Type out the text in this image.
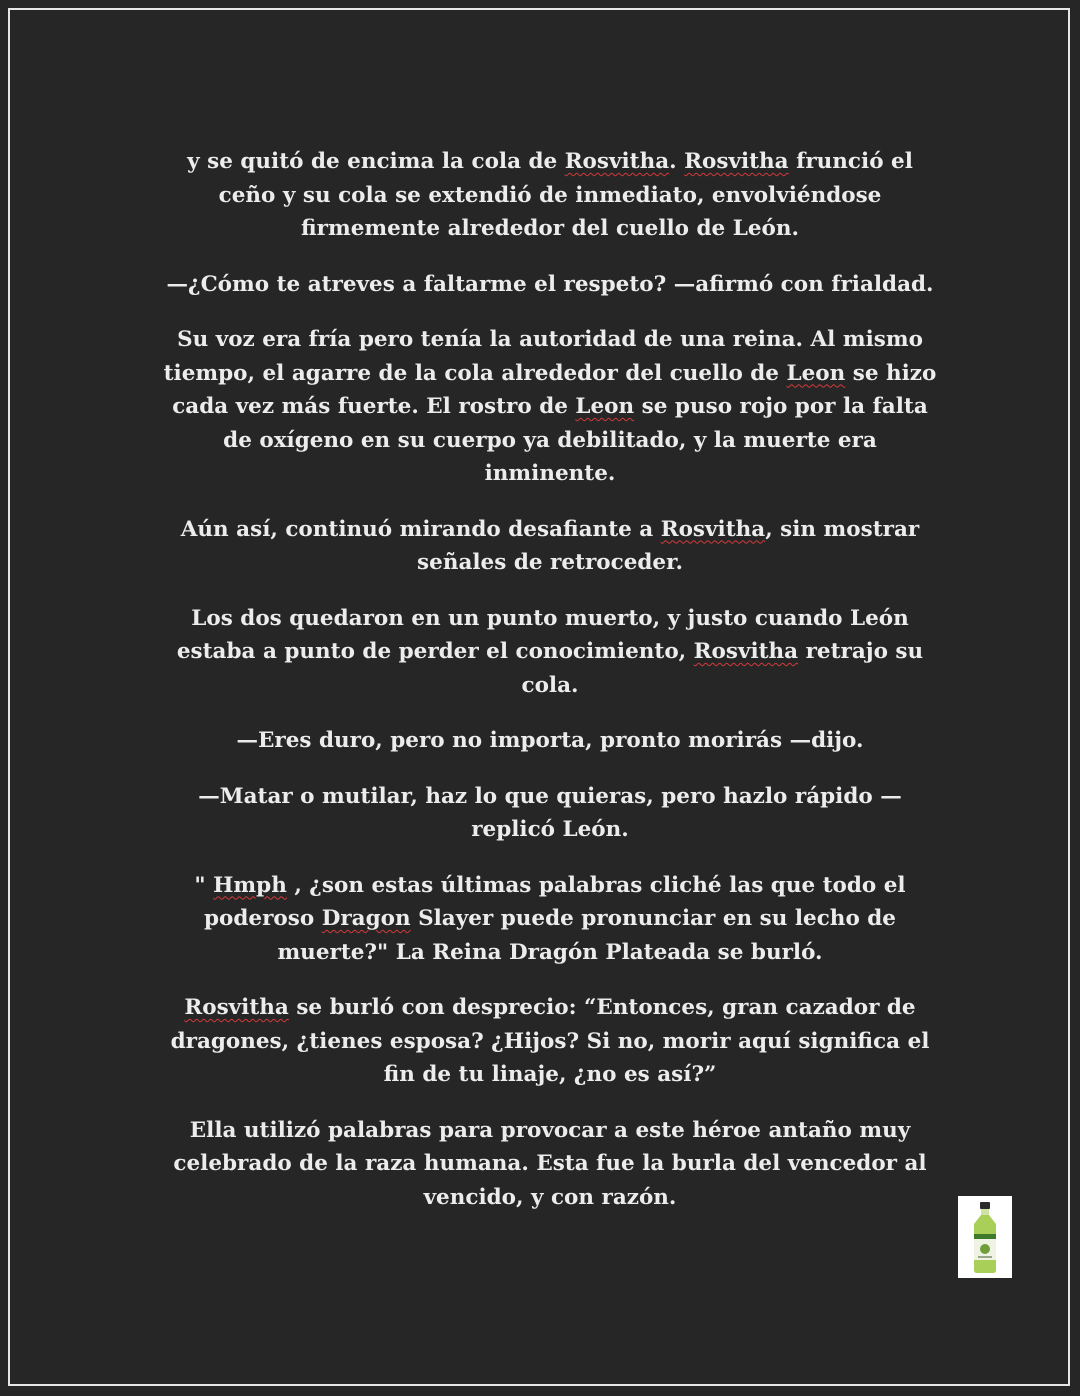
y se quitó de encima la cola de Rosvitha. Rosvitha frunció el ceño y su cola se extendió de inmediato, envolviéndose firmemente alrededor del cuello de León.

—¿Cómo te atreves a faltarme el respeto? —afirmó con frialdad.

Su voz era fría pero tenía la autoridad de una reina. Al mismo tiempo, el agarre de la cola alrededor del cuello de Leon se hizo cada vez más fuerte. El rostro de Leon se puso rojo por la falta de oxígeno en su cuerpo ya debilitado, y la muerte era inminente.

Aún así, continuó mirando desafiante a Rosvitha, sin mostrar señales de retroceder.

Los dos quedaron en un punto muerto, y justo cuando León estaba a punto de perder el conocimiento, Rosvitha retrajo su cola.

—Eres duro, pero no importa, pronto morirás —dijo.

—Matar o mutilar, haz lo que quieras, pero hazlo rápido —replicó León.

" Hmph , ¿son estas últimas palabras cliché las que todo el poderoso Dragon Slayer puede pronunciar en su lecho de muerte?" La Reina Dragón Plateada se burló.

Rosvitha se burló con desprecio: “Entonces, gran cazador de dragones, ¿tienes esposa? ¿Hijos? Si no, morir aquí significa el fin de tu linaje, ¿no es así?”

Ella utilizó palabras para provocar a este héroe antaño muy celebrado de la raza humana. Esta fue la burla del vencedor al vencido, y con razón.
